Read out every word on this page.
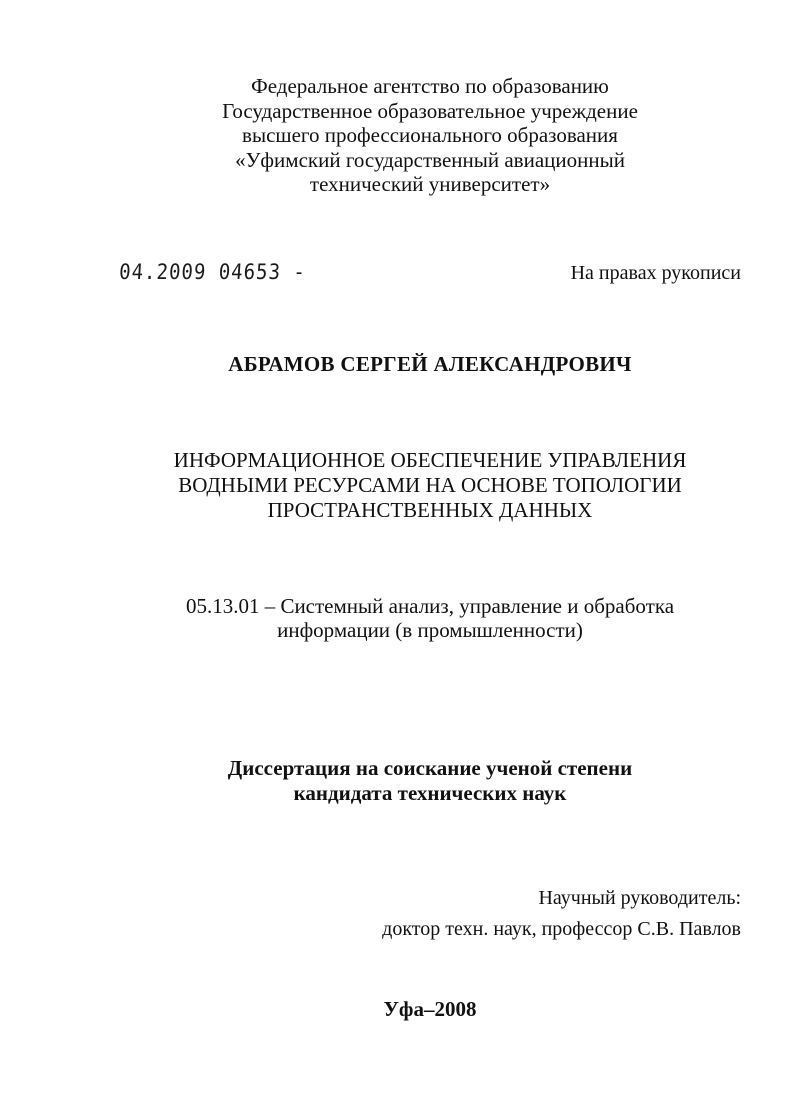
Федеральное агентство по образованию
Государственное образовательное учреждение
высшего профессионального образования
«Уфимский государственный авиационный
технический университет»
04.2009 04653 -	На правах рукописи
АБРАМОВ СЕРГЕЙ АЛЕКСАНДРОВИЧ
ИНФОРМАЦИОННОЕ ОБЕСПЕЧЕНИЕ УПРАВЛЕНИЯ
ВОДНЫМИ РЕСУРСАМИ НА ОСНОВЕ ТОПОЛОГИИ
ПРОСТРАНСТВЕННЫХ ДАННЫХ
05.13.01 – Системный анализ, управление и обработка
информации (в промышленности)
Диссертация на соискание ученой степени
кандидата технических наук
Научный руководитель:
доктор техн. наук, профессор С.В. Павлов
Уфа–2008
